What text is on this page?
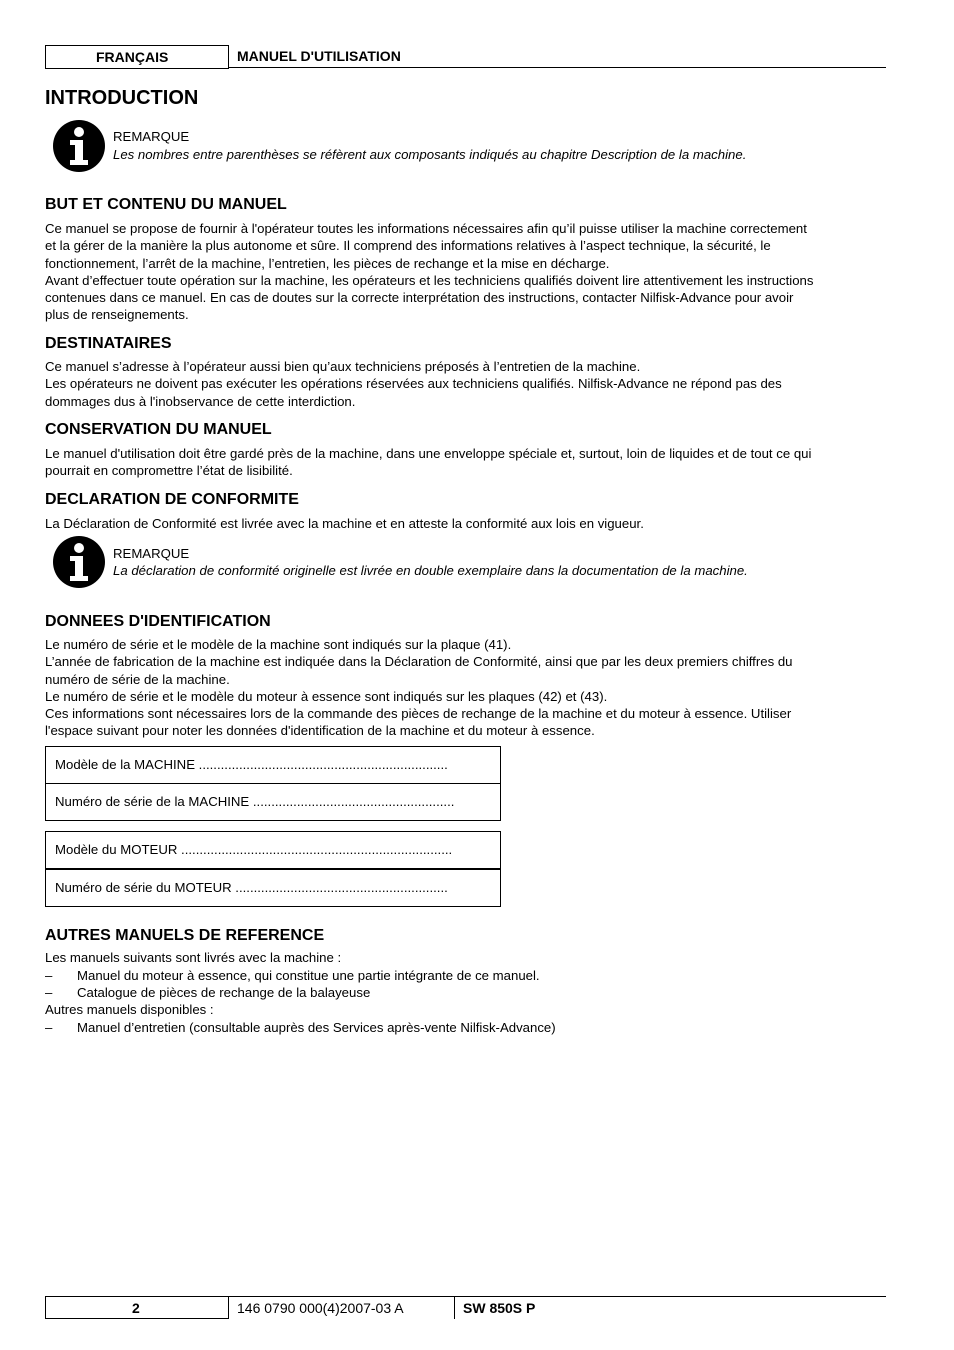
FRANÇAIS	MANUEL D'UTILISATION
INTRODUCTION
REMARQUE
Les nombres entre parenthèses se réfèrent aux composants indiqués au chapitre Description de la machine.
BUT ET CONTENU DU MANUEL

Ce manuel se propose de fournir à l'opérateur toutes les informations nécessaires afin qu’il puisse utiliser la machine correctement

et la gérer de la manière la plus autonome et sûre. Il comprend des informations relatives à l’aspect technique, la sécurité, le

fonctionnement, l’arrêt de la machine, l’entretien, les pièces de rechange et la mise en décharge.

Avant d’effectuer toute opération sur la machine, les opérateurs et les techniciens qualifiés doivent lire attentivement les instructions

contenues dans ce manuel. En cas de doutes sur la correcte interprétation des instructions, contacter Nilfisk-Advance pour avoir

plus de renseignements.

DESTINATAIRES

Ce manuel s’adresse à l’opérateur aussi bien qu’aux techniciens préposés à l’entretien de la machine.

Les opérateurs ne doivent pas exécuter les opérations réservées aux techniciens qualifiés. Nilfisk-Advance ne répond pas des

dommages dus à l'inobservance de cette interdiction.

CONSERVATION DU MANUEL

Le manuel d'utilisation doit être gardé près de la machine, dans une enveloppe spéciale et, surtout, loin de liquides et de tout ce qui

pourrait en compromettre l’état de lisibilité.

DECLARATION DE CONFORMITE

La Déclaration de Conformité est livrée avec la machine et en atteste la conformité aux lois en vigueur.

REMARQUE
La déclaration de conformité originelle est livrée en double exemplaire dans la documentation de la machine.
DONNEES D'IDENTIFICATION

Le numéro de série et le modèle de la machine sont indiqués sur la plaque (41).

L’année de fabrication de la machine est indiquée dans la Déclaration de Conformité, ainsi que par les deux premiers chiffres du

numéro de série de la machine.

Le numéro de série et le modèle du moteur à essence sont indiqués sur les plaques (42) et (43).

Ces informations sont nécessaires lors de la commande des pièces de rechange de la machine et du moteur à essence. Utiliser

l'espace suivant pour noter les données d'identification de la machine et du moteur à essence.

Modèle de la MACHINE ....................................................................
Numéro de série de la MACHINE .......................................................
Modèle du MOTEUR ..........................................................................
Numéro de série du MOTEUR ..........................................................
AUTRES MANUELS DE REFERENCE
Les manuels suivants sont livrés avec la machine :
– Manuel du moteur à essence, qui constitue une partie intégrante de ce manuel.
– Catalogue de pièces de rechange de la balayeuse
Autres manuels disponibles :
– Manuel d’entretien (consultable auprès des Services après-vente Nilfisk-Advance)
2	146 0790 000(4)2007-03 A	SW 850S P
